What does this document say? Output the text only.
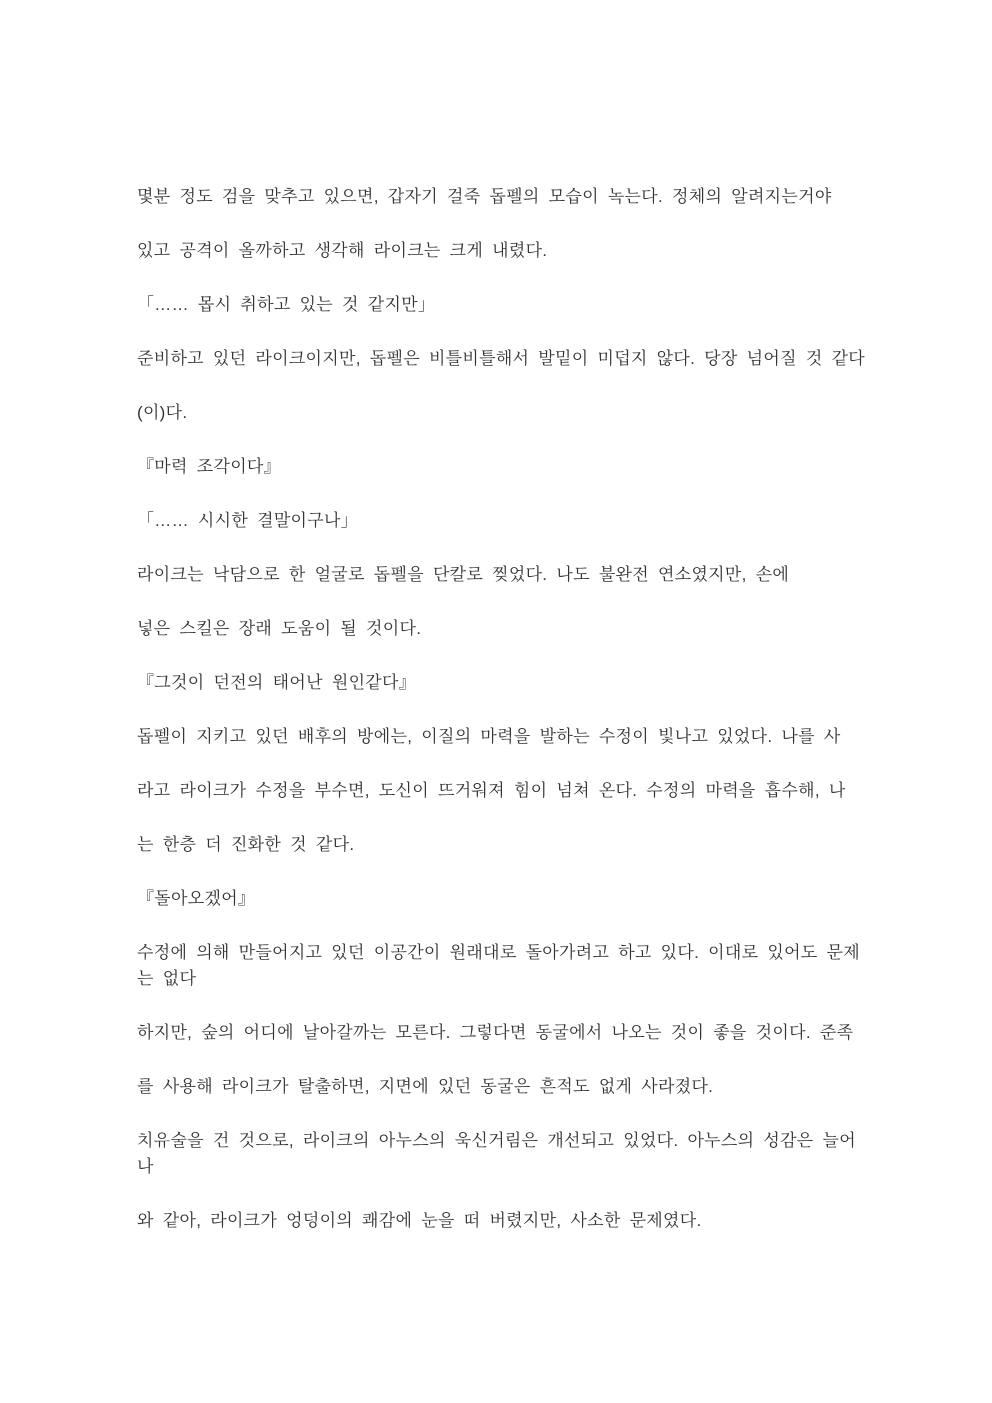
몇분 정도 검을 맞추고 있으면, 갑자기 걸죽 돕펠의 모습이 녹는다. 정체의 알려지는거야
있고 공격이 올까하고 생각해 라이크는 크게 내렸다.
「…… 몹시 취하고 있는 것 같지만」
준비하고 있던 라이크이지만, 돕펠은 비틀비틀해서 발밑이 미덥지 않다. 당장 넘어질 것 같다
(이)다.
『마력 조각이다』
「…… 시시한 결말이구나」
라이크는 낙담으로 한 얼굴로 돕펠을 단칼로 찢었다. 나도 불완전 연소였지만, 손에
넣은 스킬은 장래 도움이 될 것이다.
『그것이 던전의 태어난 원인같다』
돕펠이 지키고 있던 배후의 방에는, 이질의 마력을 발하는 수정이 빛나고 있었다. 나를 사
라고 라이크가 수정을 부수면, 도신이 뜨거워져 힘이 넘쳐 온다. 수정의 마력을 흡수해, 나
는 한층 더 진화한 것 같다.
『돌아오겠어』
수정에 의해 만들어지고 있던 이공간이 원래대로 돌아가려고 하고 있다. 이대로 있어도 문제
는 없다
하지만, 숲의 어디에 날아갈까는 모른다. 그렇다면 동굴에서 나오는 것이 좋을 것이다. 준족
를 사용해 라이크가 탈출하면, 지면에 있던 동굴은 흔적도 없게 사라졌다.
치유술을 건 것으로, 라이크의 아누스의 욱신거림은 개선되고 있었다. 아누스의 성감은 늘어
나
와 같아, 라이크가 엉덩이의 쾌감에 눈을 떠 버렸지만, 사소한 문제였다.
